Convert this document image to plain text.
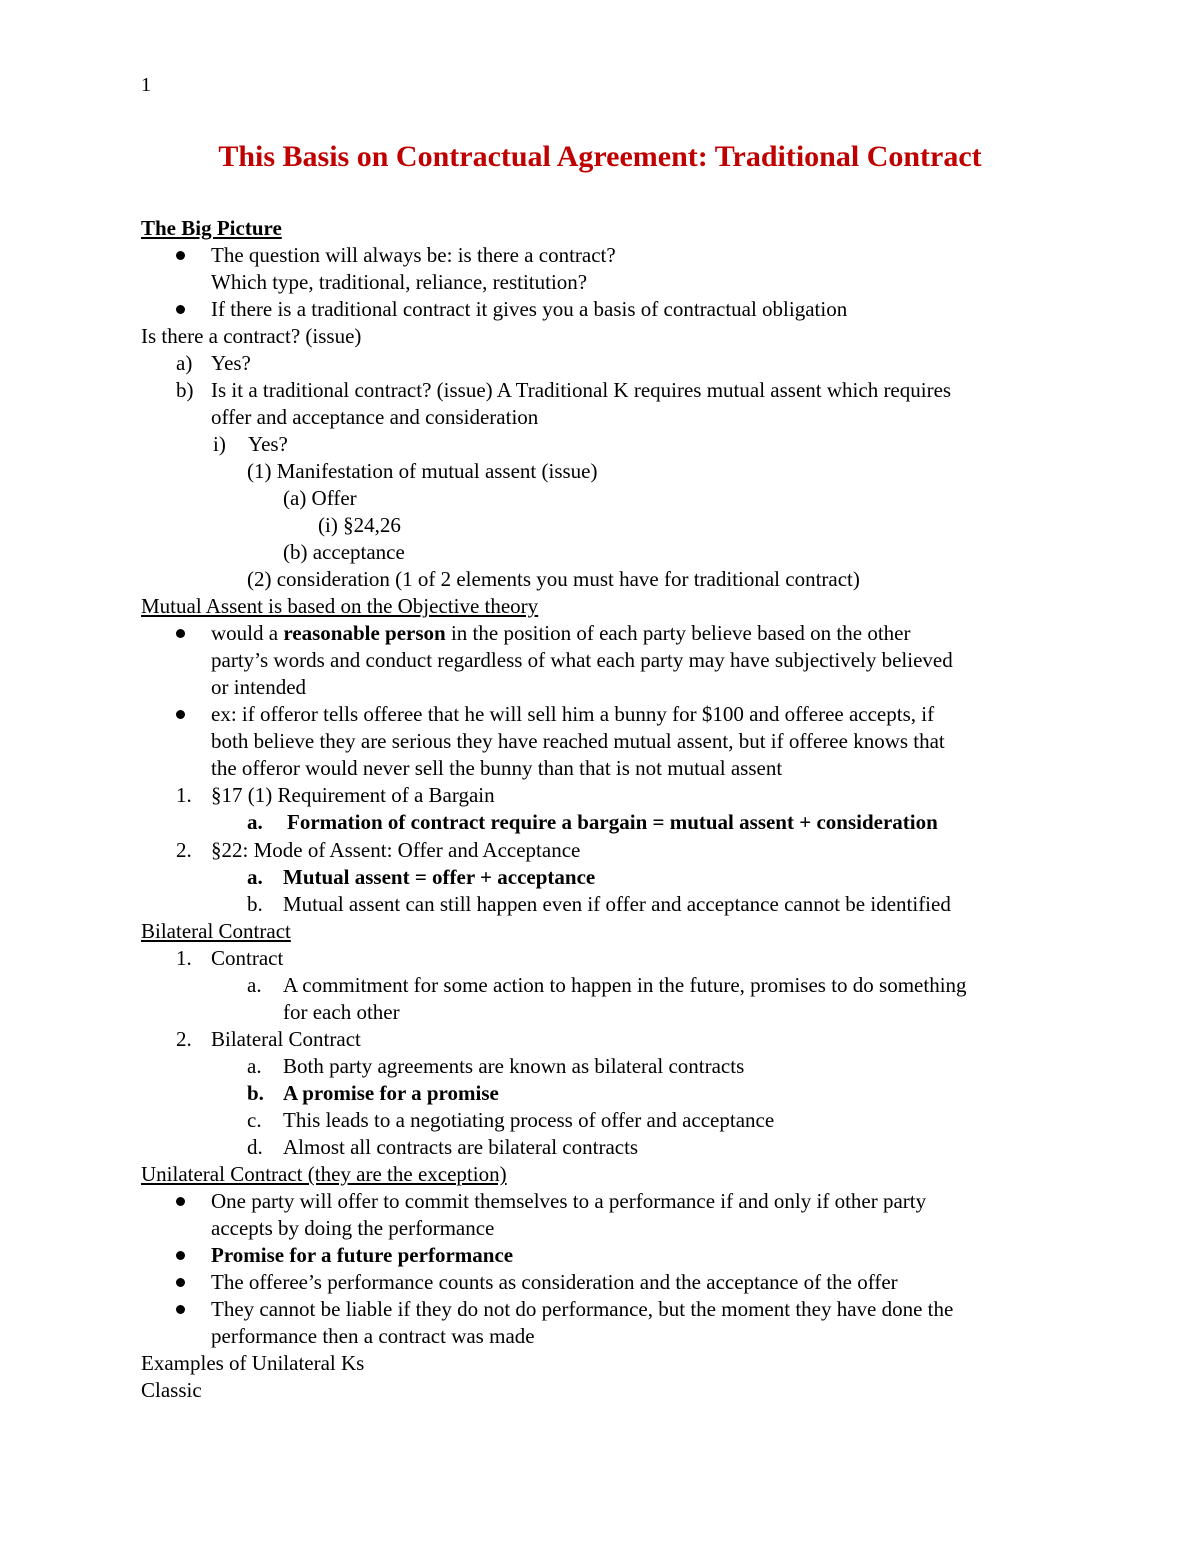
1
This Basis on Contractual Agreement: Traditional Contract
The Big Picture
The question will always be: is there a contract?
Which type, traditional, reliance, restitution?
If there is a traditional contract it gives you a basis of contractual obligation
Is there a contract? (issue)
a) Yes?
b) Is it a traditional contract? (issue) A Traditional K requires mutual assent which requires
offer and acceptance and consideration
i) Yes?
(1) Manifestation of mutual assent (issue)
(a) Offer
(i) §24,26
(b) acceptance
(2) consideration (1 of 2 elements you must have for traditional contract)
Mutual Assent is based on the Objective theory
would a reasonable person in the position of each party believe based on the other
party’s words and conduct regardless of what each party may have subjectively believed
or intended
ex: if offeror tells offeree that he will sell him a bunny for $100 and offeree accepts, if
both believe they are serious they have reached mutual assent, but if offeree knows that
the offeror would never sell the bunny than that is not mutual assent
1. §17 (1) Requirement of a Bargain
a. Formation of contract require a bargain = mutual assent + consideration
2. §22: Mode of Assent: Offer and Acceptance
a. Mutual assent = offer + acceptance
b. Mutual assent can still happen even if offer and acceptance cannot be identified
Bilateral Contract
1. Contract
a. A commitment for some action to happen in the future, promises to do something
for each other
2. Bilateral Contract
a. Both party agreements are known as bilateral contracts
b. A promise for a promise
c. This leads to a negotiating process of offer and acceptance
d. Almost all contracts are bilateral contracts
Unilateral Contract (they are the exception)
One party will offer to commit themselves to a performance if and only if other party
accepts by doing the performance
Promise for a future performance
The offeree’s performance counts as consideration and the acceptance of the offer
They cannot be liable if they do not do performance, but the moment they have done the
performance then a contract was made
Examples of Unilateral Ks
Classic
